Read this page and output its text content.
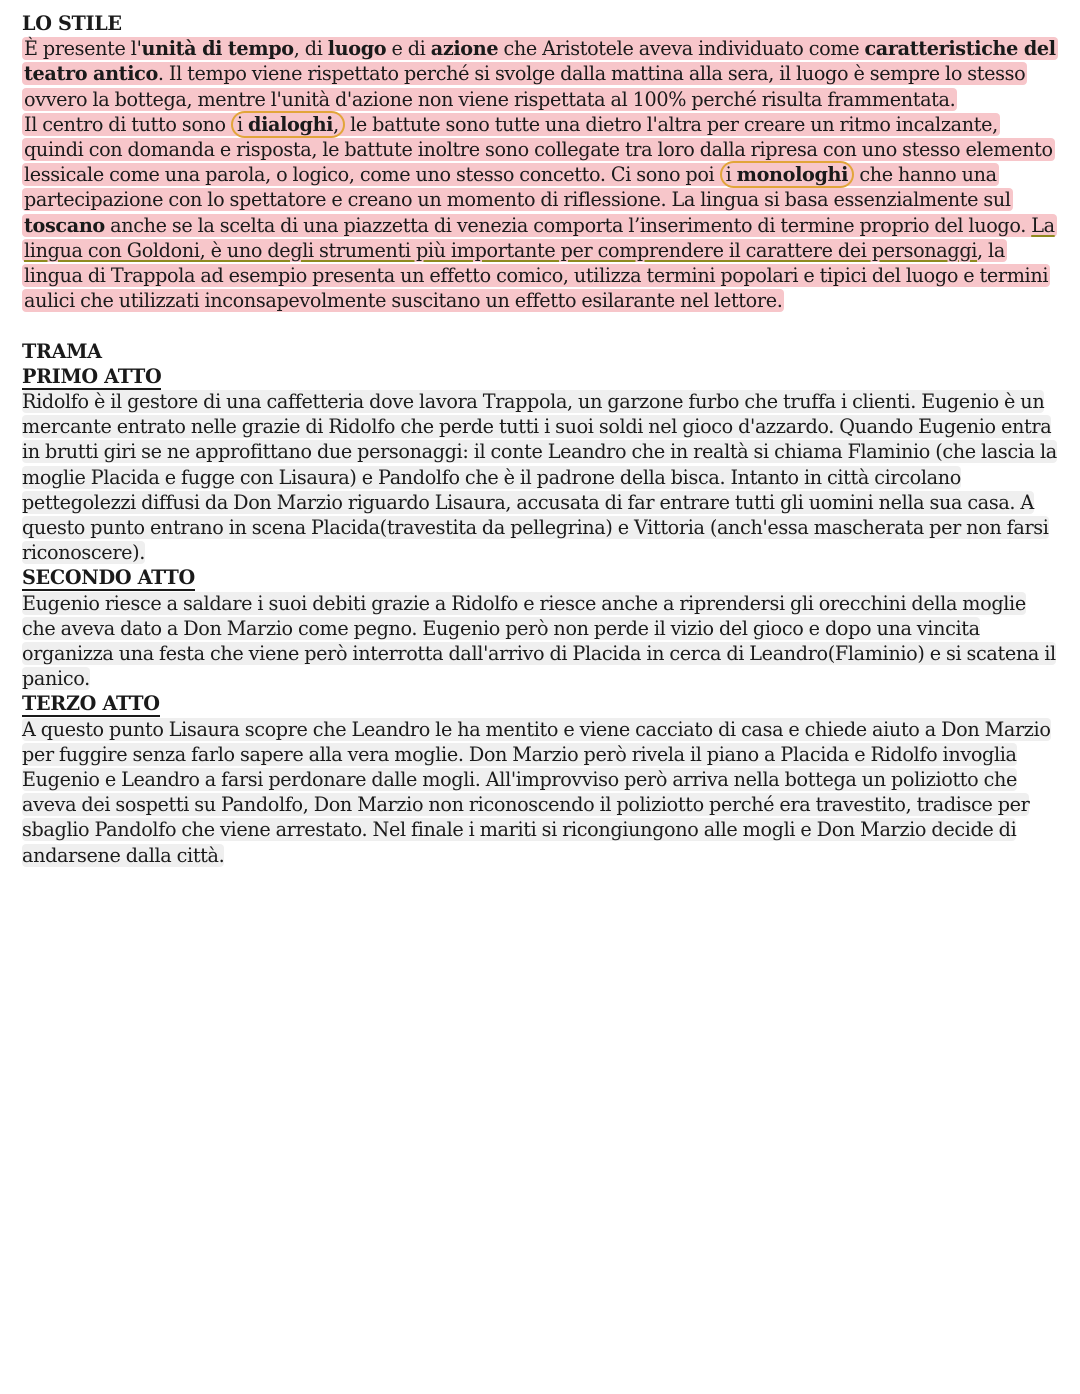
LO STILE
È presente l'unità di tempo, di luogo e di azione che Aristotele aveva individuato come caratteristiche del teatro antico. Il tempo viene rispettato perché si svolge dalla mattina alla sera, il luogo è sempre lo stesso ovvero la bottega, mentre l'unità d'azione non viene rispettata al 100% perché risulta frammentata.
Il centro di tutto sono i dialoghi, le battute sono tutte una dietro l'altra per creare un ritmo incalzante, quindi con domanda e risposta, le battute inoltre sono collegate tra loro dalla ripresa con uno stesso elemento lessicale come una parola, o logico, come uno stesso concetto. Ci sono poi i monologhi che hanno una partecipazione con lo spettatore e creano un momento di riflessione. La lingua si basa essenzialmente sul toscano anche se la scelta di una piazzetta di venezia comporta l’inserimento di termine proprio del luogo. La lingua con Goldoni, è uno degli strumenti più importante per comprendere il carattere dei personaggi, la lingua di Trappola ad esempio presenta un effetto comico, utilizza termini popolari e tipici del luogo e termini aulici che utilizzati inconsapevolmente suscitano un effetto esilarante nel lettore.
TRAMA
PRIMO ATTO
Ridolfo è il gestore di una caffetteria dove lavora Trappola, un garzone furbo che truffa i clienti. Eugenio è un mercante entrato nelle grazie di Ridolfo che perde tutti i suoi soldi nel gioco d'azzardo. Quando Eugenio entra in brutti giri se ne approfittano due personaggi: il conte Leandro che in realtà si chiama Flaminio (che lascia la moglie Placida e fugge con Lisaura) e Pandolfo che è il padrone della bisca. Intanto in città circolano pettegolezzi diffusi da Don Marzio riguardo Lisaura, accusata di far entrare tutti gli uomini nella sua casa. A questo punto entrano in scena Placida(travestita da pellegrina) e Vittoria (anch'essa mascherata per non farsi riconoscere).
SECONDO ATTO
Eugenio riesce a saldare i suoi debiti grazie a Ridolfo e riesce anche a riprendersi gli orecchini della moglie che aveva dato a Don Marzio come pegno. Eugenio però non perde il vizio del gioco e dopo una vincita organizza una festa che viene però interrotta dall'arrivo di Placida in cerca di Leandro(Flaminio) e si scatena il panico.
TERZO ATTO
A questo punto Lisaura scopre che Leandro le ha mentito e viene cacciato di casa e chiede aiuto a Don Marzio per fuggire senza farlo sapere alla vera moglie. Don Marzio però rivela il piano a Placida e Ridolfo invoglia Eugenio e Leandro a farsi perdonare dalle mogli. All'improvviso però arriva nella bottega un poliziotto che aveva dei sospetti su Pandolfo, Don Marzio non riconoscendo il poliziotto perché era travestito, tradisce per sbaglio Pandolfo che viene arrestato. Nel finale i mariti si ricongiungono alle mogli e Don Marzio decide di andarsene dalla città.
